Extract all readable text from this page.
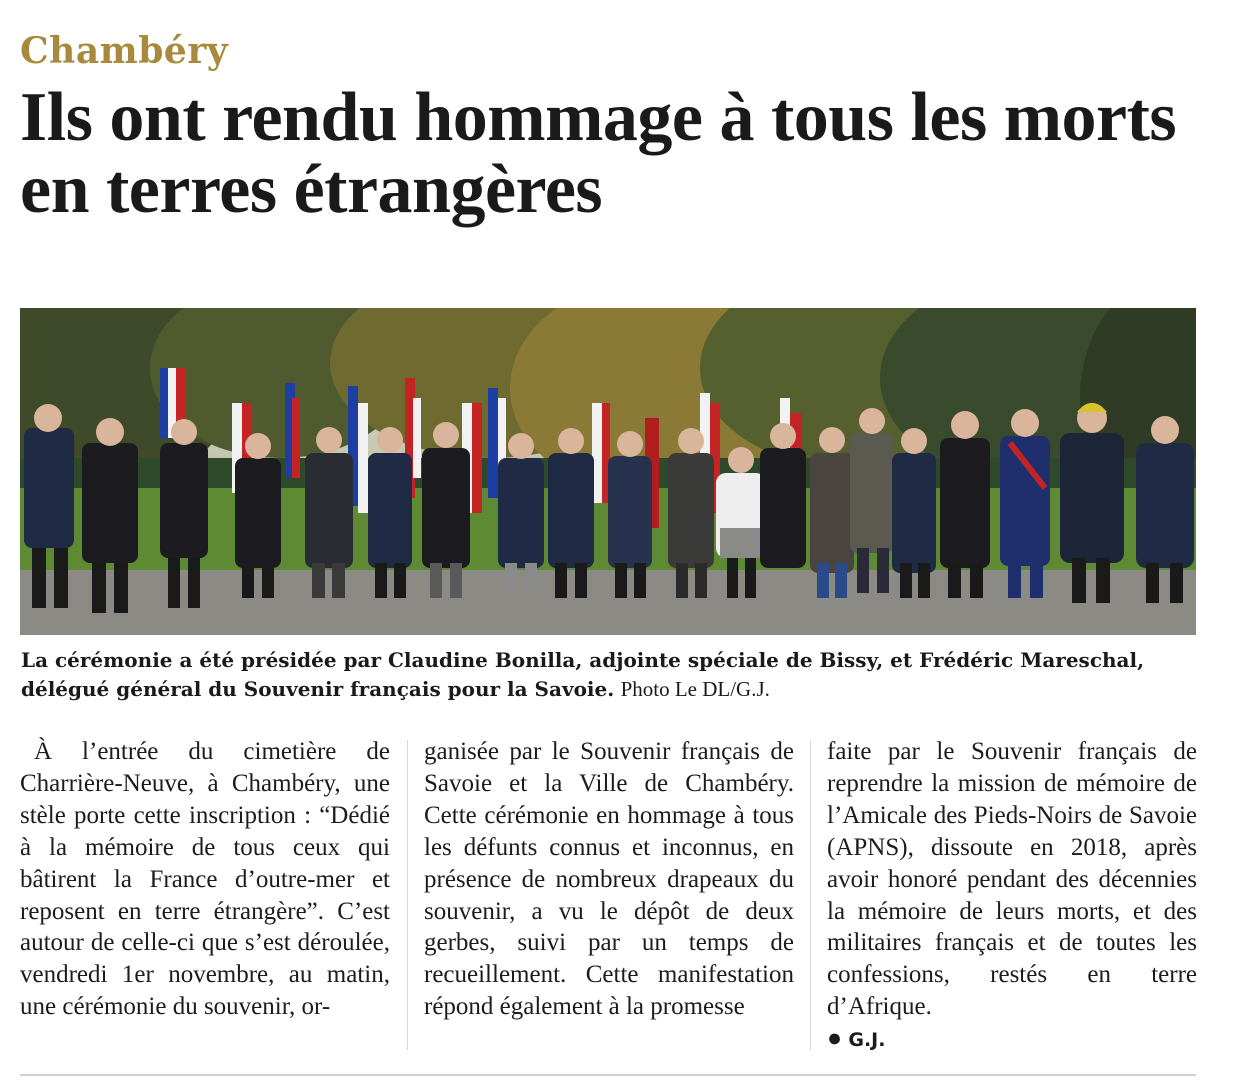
Chambéry
Ils ont rendu hommage à tous les morts en terres étrangères
La cérémonie a été présidée par Claudine Bonilla, adjointe spéciale de Bissy, et Frédéric Mareschal, délégué général du Souvenir français pour la Savoie. Photo Le DL/G.J.

À l’entrée du cimetière de Charrière-Neuve, à Chambéry, une stèle porte cette inscription : “Dédié à la mémoire de tous ceux qui bâtirent la France d’outre-mer et reposent en terre étrangère”. C’est autour de celle-ci que s’est déroulée, vendredi 1er novembre, au matin, une cérémonie du souvenir, or-

ganisée par le Souvenir français de Savoie et la Ville de Chambéry. Cette cérémonie en hommage à tous les défunts connus et inconnus, en présence de nombreux drapeaux du souvenir, a vu le dépôt de deux gerbes, suivi par un temps de recueillement. Cette manifestation répond également à la promesse

faite par le Souvenir français de reprendre la mission de mémoire de l’Amicale des Pieds-Noirs de Savoie (APNS), dissoute en 2018, après avoir honoré pendant des décennies la mémoire de leurs morts, et des militaires français et de toutes les confessions, restés en terre d’Afrique.

● G.J.
